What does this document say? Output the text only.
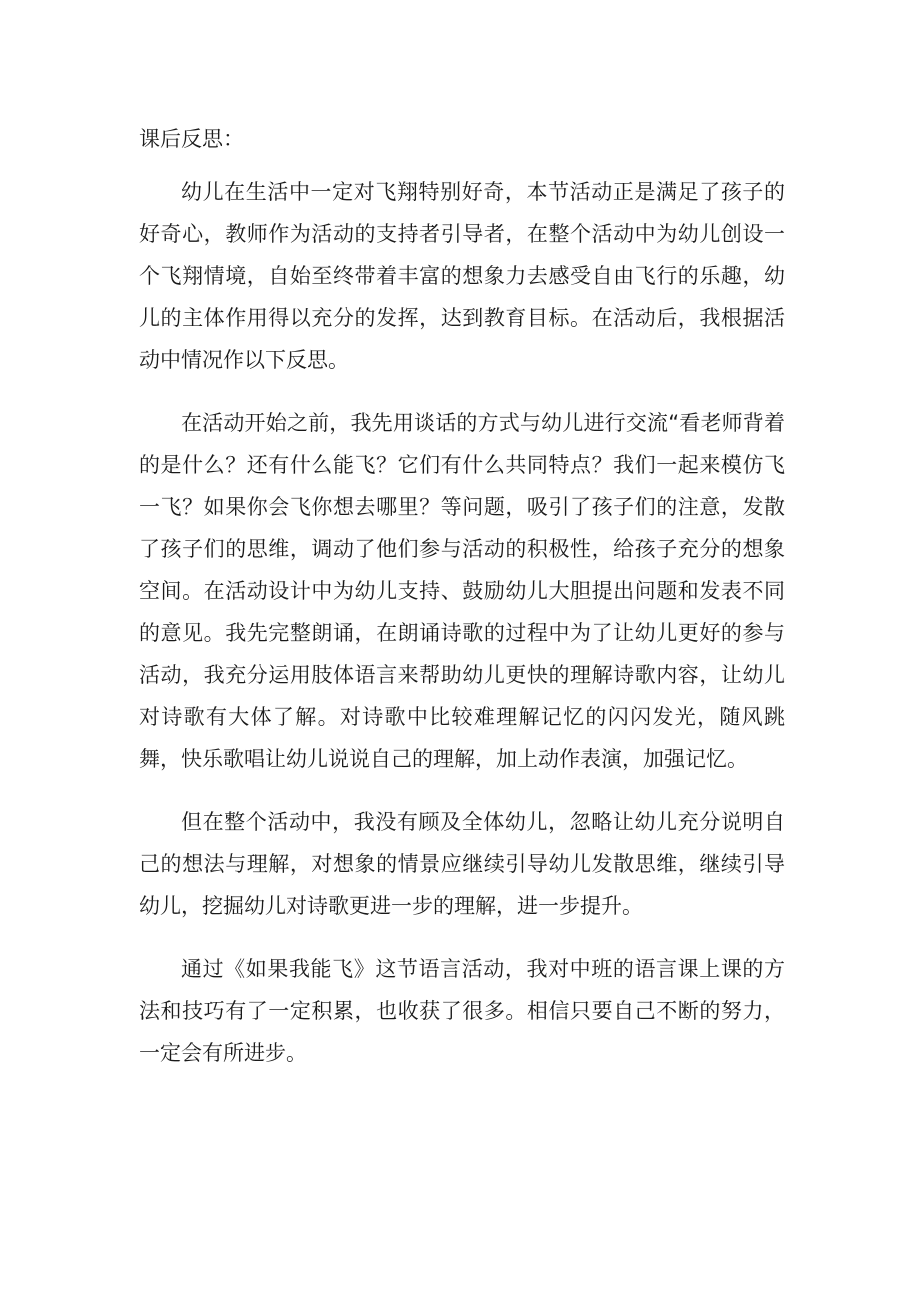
课后反思：

幼儿在生活中一定对飞翔特别好奇，本节活动正是满足了孩子的好奇心，教师作为活动的支持者引导者，在整个活动中为幼儿创设一个飞翔情境，自始至终带着丰富的想象力去感受自由飞行的乐趣，幼儿的主体作用得以充分的发挥，达到教育目标。在活动后，我根据活动中情况作以下反思。

在活动开始之前，我先用谈话的方式与幼儿进行交流“看老师背着的是什么？还有什么能飞？它们有什么共同特点？我们一起来模仿飞一飞？如果你会飞你想去哪里？等问题，吸引了孩子们的注意，发散了孩子们的思维，调动了他们参与活动的积极性，给孩子充分的想象空间。在活动设计中为幼儿支持、鼓励幼儿大胆提出问题和发表不同的意见。我先完整朗诵，在朗诵诗歌的过程中为了让幼儿更好的参与活动，我充分运用肢体语言来帮助幼儿更快的理解诗歌内容，让幼儿对诗歌有大体了解。对诗歌中比较难理解记忆的闪闪发光，随风跳舞，快乐歌唱让幼儿说说自己的理解，加上动作表演，加强记忆。

但在整个活动中，我没有顾及全体幼儿，忽略让幼儿充分说明自己的想法与理解，对想象的情景应继续引导幼儿发散思维，继续引导幼儿，挖掘幼儿对诗歌更进一步的理解，进一步提升。

通过《如果我能飞》这节语言活动，我对中班的语言课上课的方法和技巧有了一定积累，也收获了很多。相信只要自己不断的努力，一定会有所进步。
